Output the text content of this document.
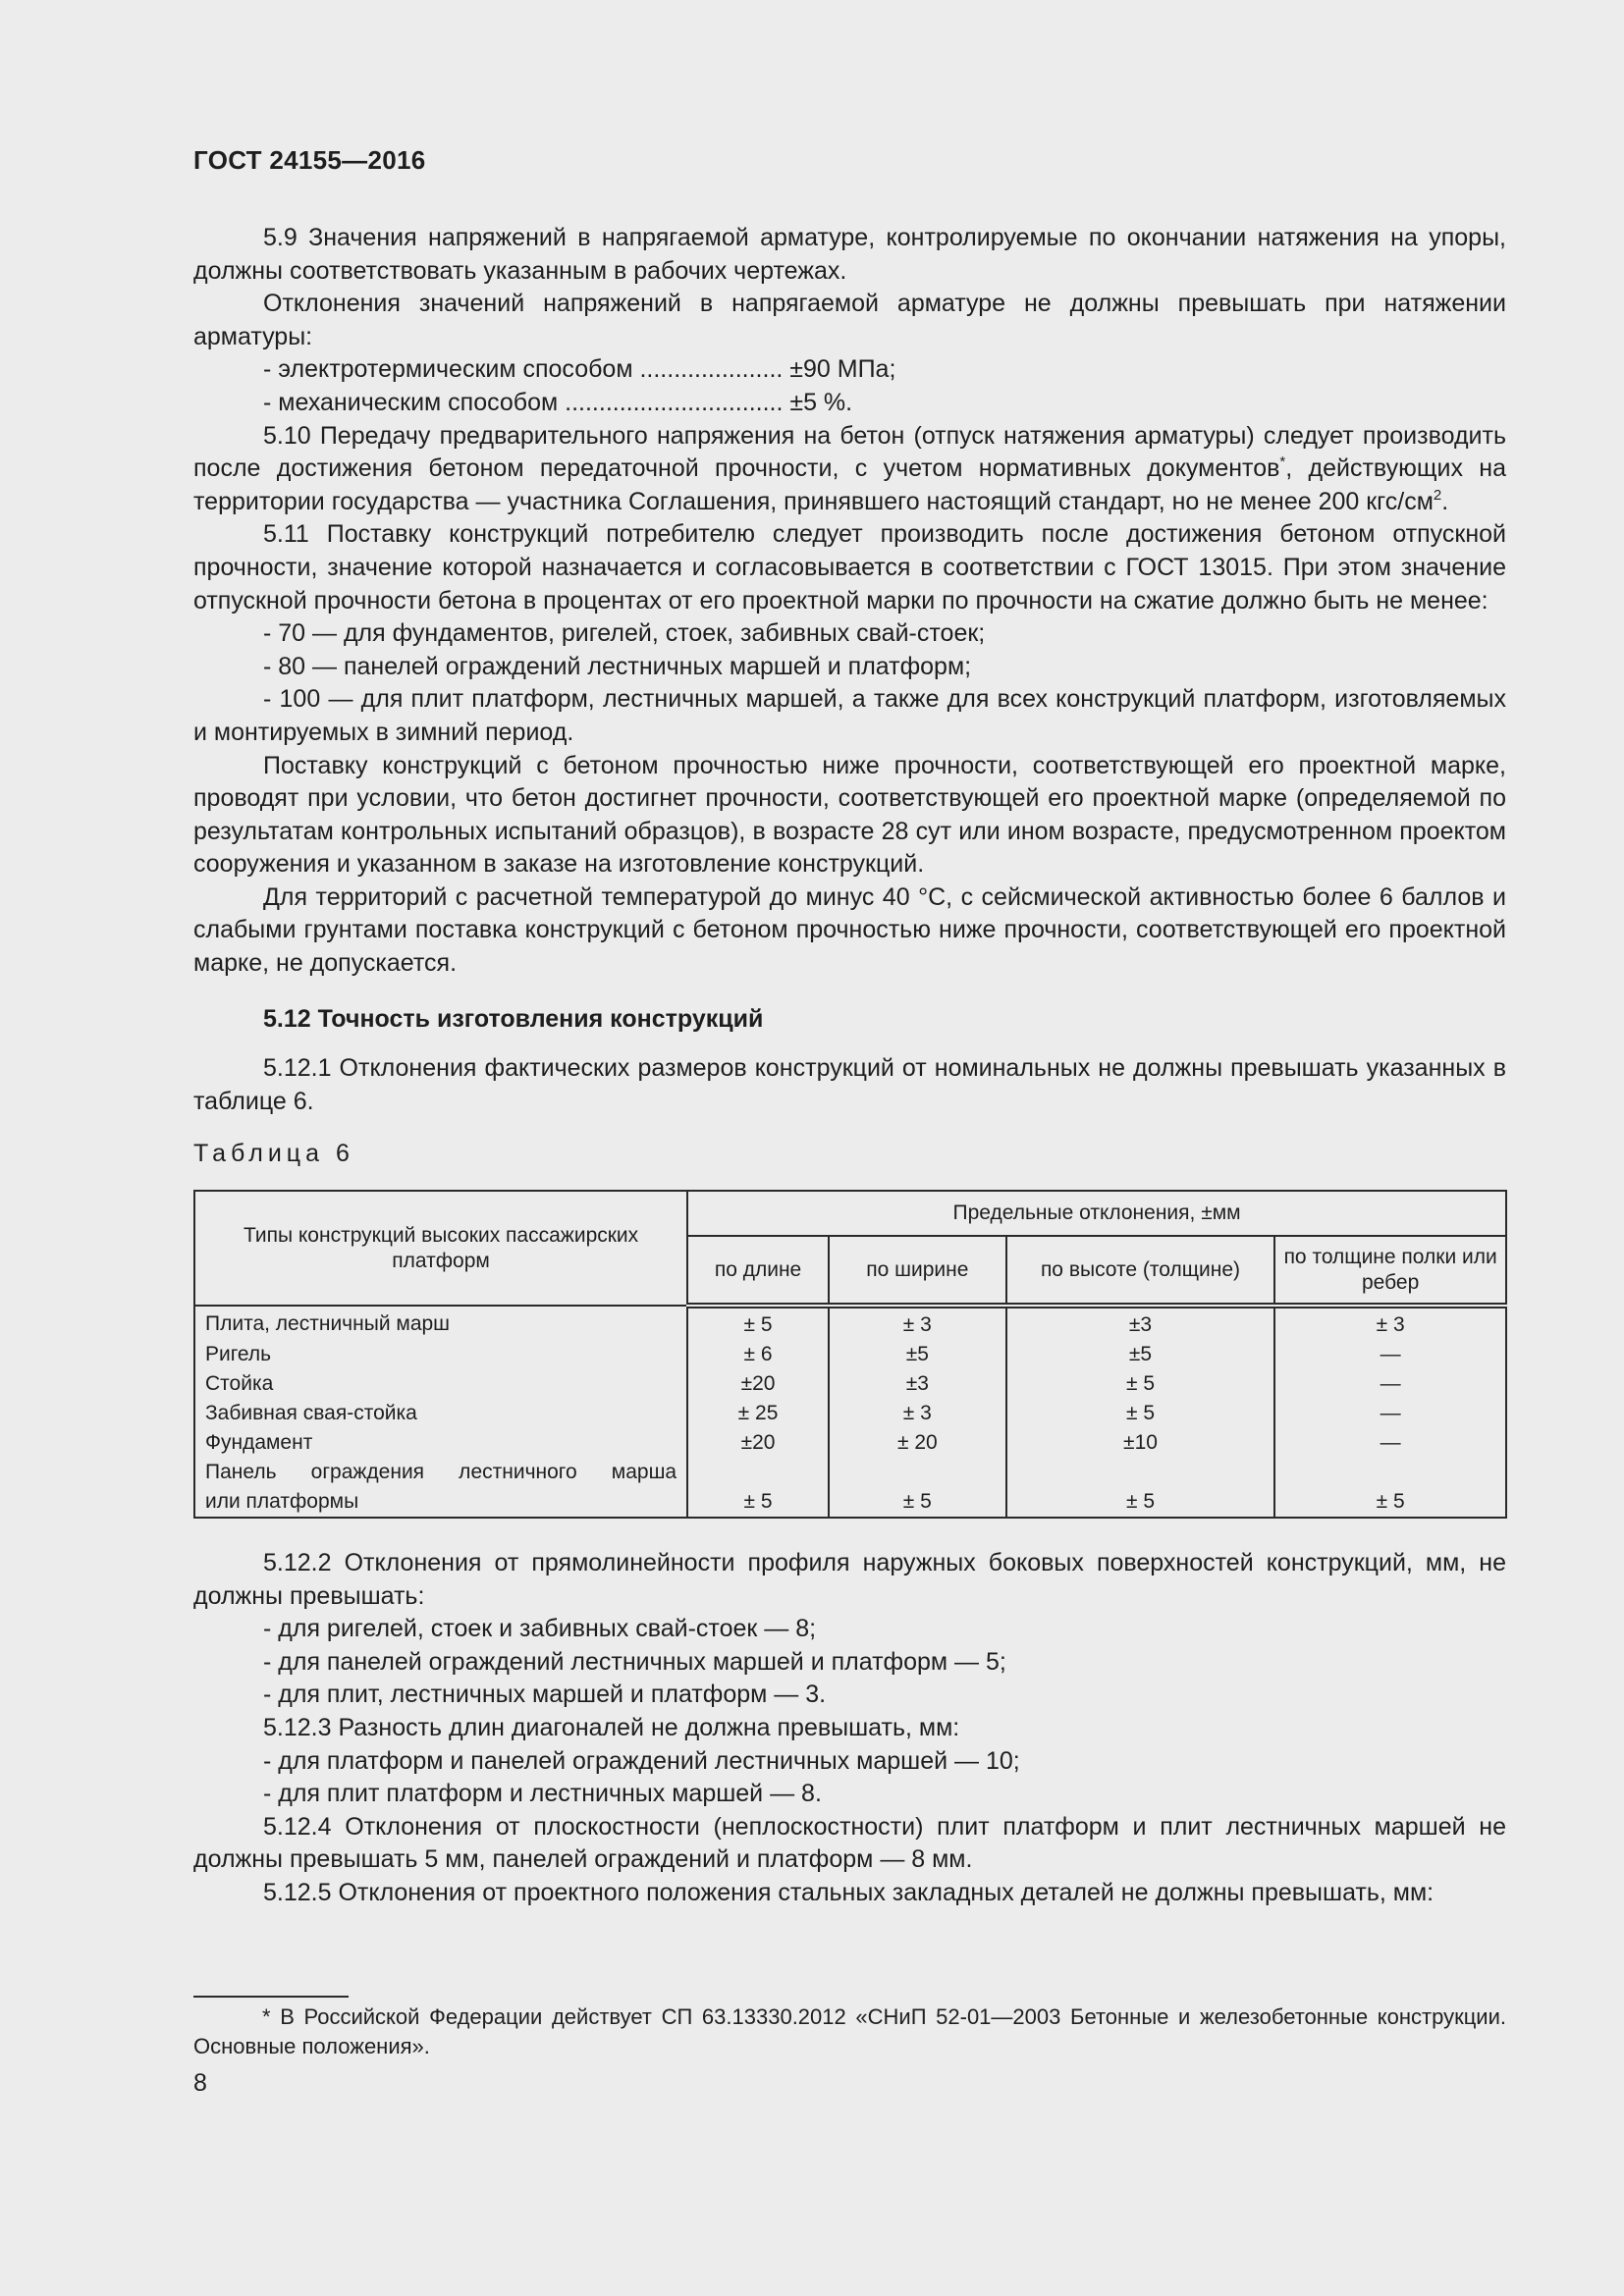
ГОСТ 24155—2016

5.9 Значения напряжений в напрягаемой арматуре, контролируемые по окончании натяжения на упоры, должны соответствовать указанным в рабочих чертежах.

Отклонения значений напряжений в напрягаемой арматуре не должны превышать при натяжении арматуры:

- электротермическим способом ..................... ±90 МПа;

- механическим способом ................................ ±5 %.

5.10 Передачу предварительного напряжения на бетон (отпуск натяжения арматуры) следует производить после достижения бетоном передаточной прочности, с учетом нормативных документов*, действующих на территории государства — участника Соглашения, принявшего настоящий стандарт, но не менее 200 кгс/$см^2$.

5.11 Поставку конструкций потребителю следует производить после достижения бетоном отпускной прочности, значение которой назначается и согласовывается в соответствии с ГОСТ 13015. При этом значение отпускной прочности бетона в процентах от его проектной марки по прочности на сжатие должно быть не менее:

- 70 — для фундаментов, ригелей, стоек, забивных свай-стоек;

- 80 — панелей ограждений лестничных маршей и платформ;

- 100 — для плит платформ, лестничных маршей, а также для всех конструкций платформ, изготовляемых и монтируемых в зимний период.

Поставку конструкций с бетоном прочностью ниже прочности, соответствующей его проектной марке, проводят при условии, что бетон достигнет прочности, соответствующей его проектной марке (определяемой по результатам контрольных испытаний образцов), в возрасте 28 сут или ином возрасте, предусмотренном проектом сооружения и указанном в заказе на изготовление конструкций.

Для территорий с расчетной температурой до минус 40 °С, с сейсмической активностью более 6 баллов и слабыми грунтами поставка конструкций с бетоном прочностью ниже прочности, соответствующей его проектной марке, не допускается.

5.12 Точность изготовления конструкций

5.12.1 Отклонения фактических размеров конструкций от номинальных не должны превышать указанных в таблице 6.

Таблица 6
Типы конструкций высоких пассажирских платформ	Предельные отклонения, ±мм			
	по длине	по ширине	по высоте (толщине)	по толщине полки или ребер
Плита, лестничный марш	± 5	± 3	±3	± 3
Ригель	± 6	±5	±5	—
Стойка	±20	±3	± 5	—
Забивная свая-стойка	± 25	± 3	± 5	—
Фундамент	±20	± 20	±10	—

Панель ограждения лестничного марша
или платформы	± 5	± 5	± 5	± 5

5.12.2 Отклонения от прямолинейности профиля наружных боковых поверхностей конструкций, мм, не должны превышать:

- для ригелей, стоек и забивных свай-стоек — 8;

- для панелей ограждений лестничных маршей и платформ — 5;

- для плит, лестничных маршей и платформ — 3.

5.12.3 Разность длин диагоналей не должна превышать, мм:

- для платформ и панелей ограждений лестничных маршей — 10;

- для плит платформ и лестничных маршей — 8.

5.12.4 Отклонения от плоскостности (неплоскостности) плит платформ и плит лестничных маршей не должны превышать 5 мм, панелей ограждений и платформ — 8 мм.

5.12.5 Отклонения от проектного положения стальных закладных деталей не должны превышать, мм:

* В Российской Федерации действует СП 63.13330.2012 «СНиП 52-01—2003 Бетонные и железобетонные конструкции. Основные положения».
8
